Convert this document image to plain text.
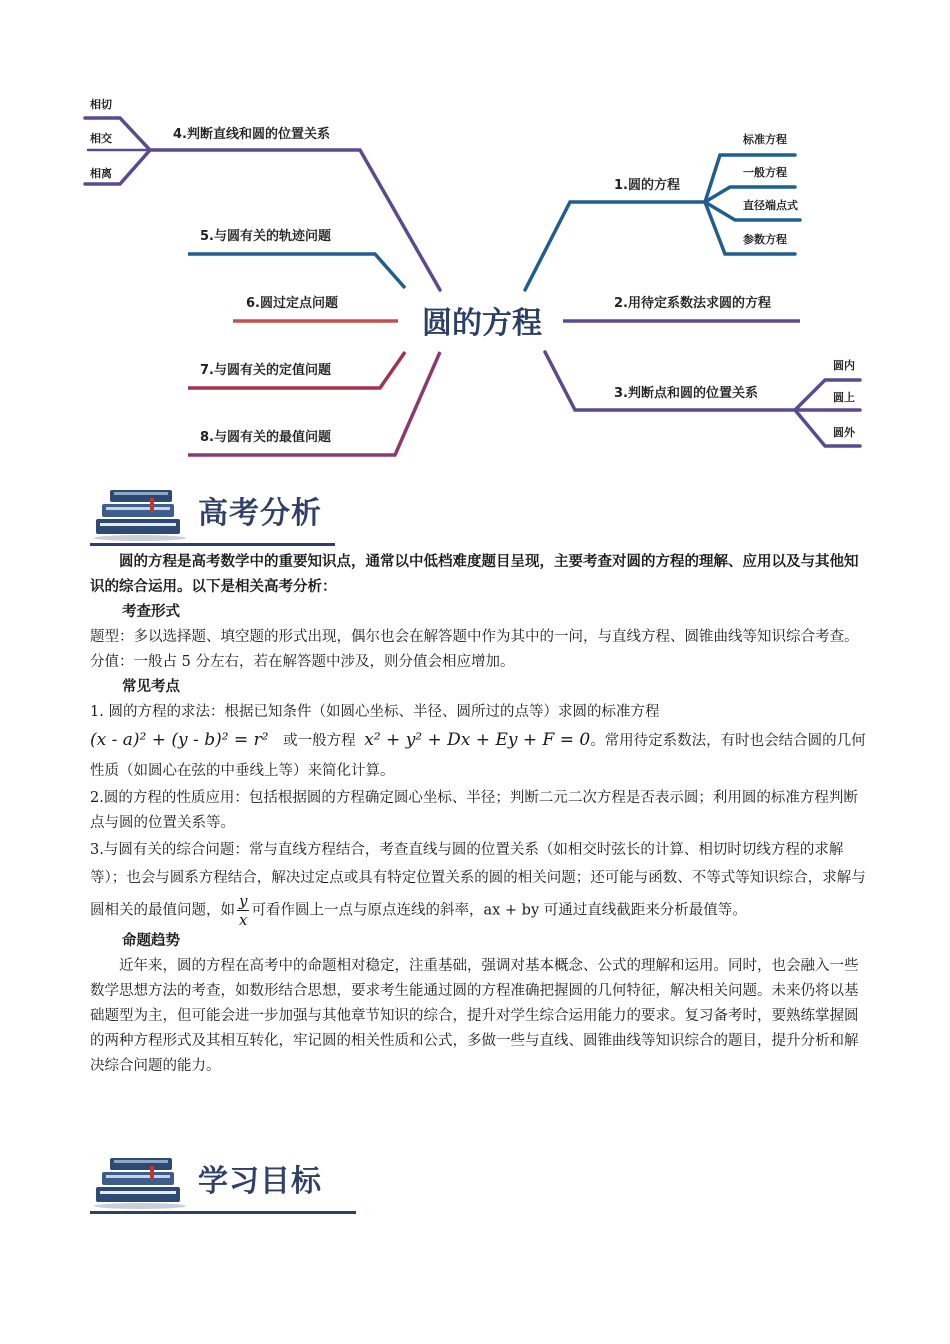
圆的方程
相切
相交
相离
4.判断直线和圆的位置关系
5.与圆有关的轨迹问题
6.圆过定点问题
7.与圆有关的定值问题
8.与圆有关的最值问题
1.圆的方程
标准方程
一般方程
直径端点式
参数方程
2.用待定系数法求圆的方程
3.判断点和圆的位置关系
圆内
圆上
圆外
高考分析

圆的方程是高考数学中的重要知识点，通常以中低档难度题目呈现，主要考查对圆的方程的理解、应用以及与其他知识的综合运用。以下是相关高考分析：

考查形式

题型：多以选择题、填空题的形式出现，偶尔也会在解答题中作为其中的一问，与直线方程、圆锥曲线等知识综合考查。

分值：一般占 5 分左右，若在解答题中涉及，则分值会相应增加。

常见考点

1. 圆的方程的求法：根据已知条件（如圆心坐标、半径、圆所过的点等）求圆的标准方程

(x - a)² + (y - b)² = r² 或一般方程 x² + y² + Dx + Ey + F = 0。常用待定系数法，有时也会结合圆的几何性质（如圆心在弦的中垂线上等）来简化计算。

2.圆的方程的性质应用：包括根据圆的方程确定圆心坐标、半径；判断二元二次方程是否表示圆；利用圆的标准方程判断点与圆的位置关系等。

3.与圆有关的综合问题：常与直线方程结合，考查直线与圆的位置关系（如相交时弦长的计算、相切时切线方程的求解等）；也会与圆系方程结合，解决过定点或具有特定位置关系的圆的相关问题；还可能与函数、不等式等知识综合，求解与圆相关的最值问题，如 $\frac{y}{x}$ 可看作圆上一点与原点连线的斜率，ax + by 可通过直线截距来分析最值等。

命题趋势

近年来，圆的方程在高考中的命题相对稳定，注重基础，强调对基本概念、公式的理解和运用。同时，也会融入一些数学思想方法的考查，如数形结合思想，要求考生能通过圆的方程准确把握圆的几何特征，解决相关问题。未来仍将以基础题型为主，但可能会进一步加强与其他章节知识的综合，提升对学生综合运用能力的要求。复习备考时，要熟练掌握圆的两种方程形式及其相互转化，牢记圆的相关性质和公式，多做一些与直线、圆锥曲线等知识综合的题目，提升分析和解决综合问题的能力。

学习目标
